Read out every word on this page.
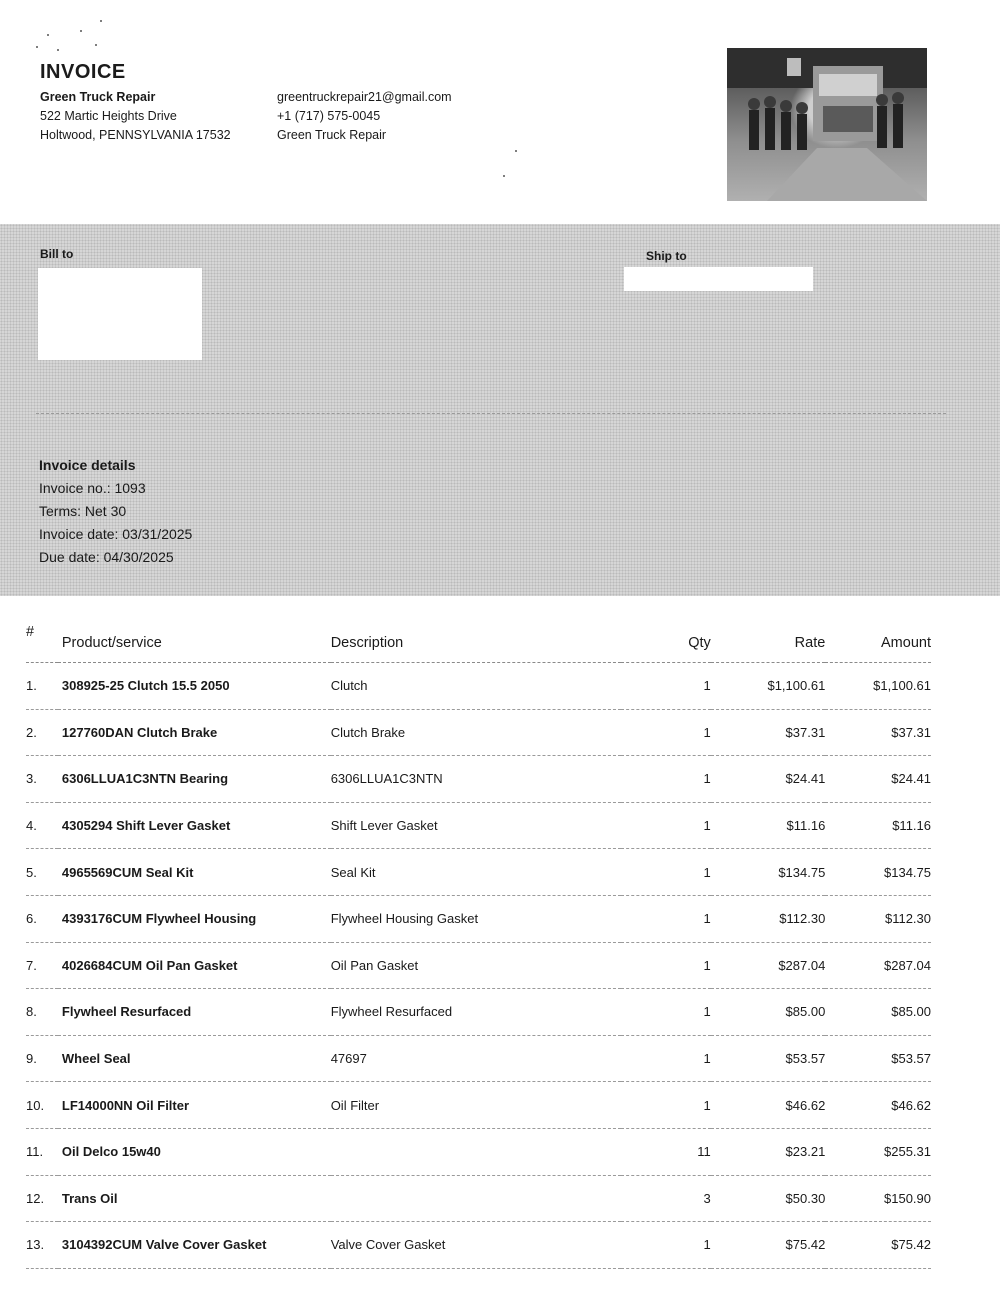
INVOICE
Green Truck Repair
522 Martic Heights Drive
Holtwood, PENNSYLVANIA 17532
greentruckrepair21@gmail.com
+1 (717) 575-0045
Green Truck Repair
Bill to	Ship to
Invoice details
Invoice no.: 1093
Terms: Net 30
Invoice date: 03/31/2025
Due date: 04/30/2025
#	Product/service	Description	Qty	Rate	Amount
1.	308925-25 Clutch 15.5 2050	Clutch	1	$1,100.61	$1,100.61
2.	127760DAN Clutch Brake	Clutch Brake	1	$37.31	$37.31
3.	6306LLUA1C3NTN Bearing	6306LLUA1C3NTN	1	$24.41	$24.41
4.	4305294 Shift Lever Gasket	Shift Lever Gasket	1	$11.16	$11.16
5.	4965569CUM Seal Kit	Seal Kit	1	$134.75	$134.75
6.	4393176CUM Flywheel Housing	Flywheel Housing Gasket	1	$112.30	$112.30
7.	4026684CUM Oil Pan Gasket	Oil Pan Gasket	1	$287.04	$287.04
8.	Flywheel Resurfaced	Flywheel Resurfaced	1	$85.00	$85.00
9.	Wheel Seal	47697	1	$53.57	$53.57
10.	LF14000NN Oil Filter	Oil Filter	1	$46.62	$46.62
11.	Oil Delco 15w40		11	$23.21	$255.31
12.	Trans Oil		3	$50.30	$150.90
13.	3104392CUM Valve Cover Gasket	Valve Cover Gasket	1	$75.42	$75.42
